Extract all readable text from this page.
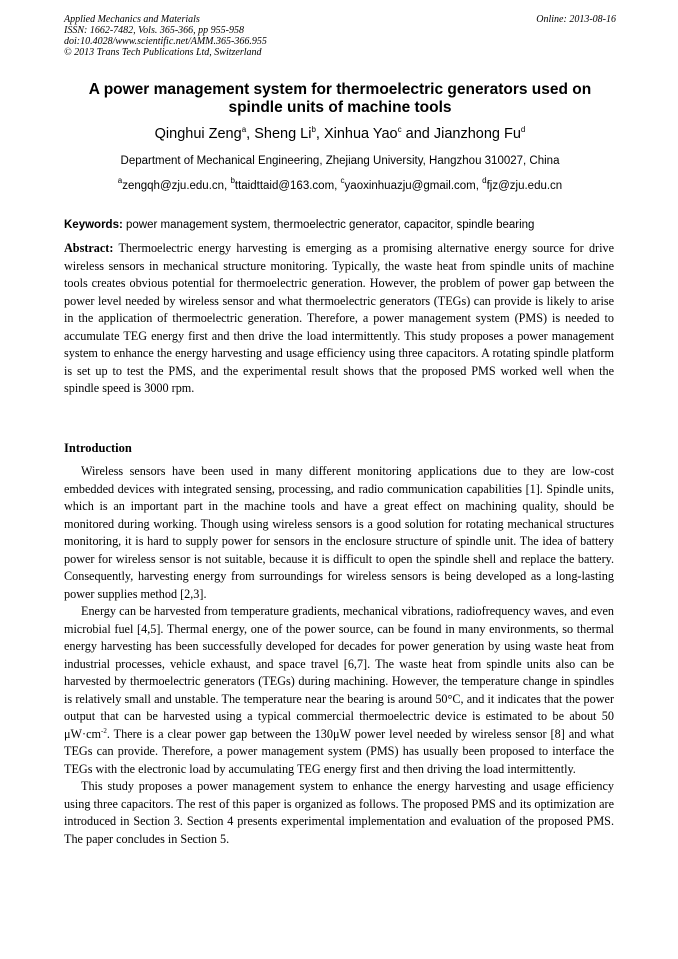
Applied Mechanics and Materials
ISSN: 1662-7482, Vols. 365-366, pp 955-958
doi:10.4028/www.scientific.net/AMM.365-366.955
© 2013 Trans Tech Publications Ltd, Switzerland
Online: 2013-08-16
A power management system for thermoelectric generators used on spindle units of machine tools
Qinghui Zeng$^a$, Sheng Li$^b$, Xinhua Yao$^c$ and Jianzhong Fu$^d$
Department of Mechanical Engineering, Zhejiang University, Hangzhou 310027, China
$^a$zengqh@zju.edu.cn, $^b$ttaidttaid@163.com, $^c$yaoxinhuazju@gmail.com, $^d$fjz@zju.edu.cn
Keywords: power management system, thermoelectric generator, capacitor, spindle bearing
Abstract: Thermoelectric energy harvesting is emerging as a promising alternative energy source for drive wireless sensors in mechanical structure monitoring. Typically, the waste heat from spindle units of machine tools creates obvious potential for thermoelectric generation. However, the problem of power gap between the power level needed by wireless sensor and what thermoelectric generators (TEGs) can provide is likely to arise in the application of thermoelectric generation. Therefore, a power management system (PMS) is needed to accumulate TEG energy first and then drive the load intermittently. This study proposes a power management system to enhance the energy harvesting and usage efficiency using three capacitors. A rotating spindle platform is set up to test the PMS, and the experimental result shows that the proposed PMS worked well when the spindle speed is 3000 rpm.
Introduction

Wireless sensors have been used in many different monitoring applications due to they are low-cost embedded devices with integrated sensing, processing, and radio communication capabilities [1]. Spindle units, which is an important part in the machine tools and have a great effect on machining quality, should be monitored during working. Though using wireless sensors is a good solution for rotating mechanical structures monitoring, it is hard to supply power for sensors in the enclosure structure of spindle unit. The idea of battery power for wireless sensor is not suitable, because it is difficult to open the spindle shell and replace the battery. Consequently, harvesting energy from surroundings for wireless sensors is being developed as a long-lasting power supplies method [2,3].

Energy can be harvested from temperature gradients, mechanical vibrations, radiofrequency waves, and even microbial fuel [4,5]. Thermal energy, one of the power source, can be found in many environments, so thermal energy harvesting has been successfully developed for decades for power generation by using waste heat from industrial processes, vehicle exhaust, and space travel [6,7]. The waste heat from spindle units also can be harvested by thermoelectric generators (TEGs) during machining. However, the temperature change in spindles is relatively small and unstable. The temperature near the bearing is around 50°C, and it indicates that the power output that can be harvested using a typical commercial thermoelectric device is estimated to be about 50 $\mu W\cdot cm^{-2}$. There is a clear power gap between the 130μW power level needed by wireless sensor [8] and what TEGs can provide. Therefore, a power management system (PMS) has usually been proposed to interface the TEGs with the electronic load by accumulating TEG energy first and then driving the load intermittently.

This study proposes a power management system to enhance the energy harvesting and usage efficiency using three capacitors. The rest of this paper is organized as follows. The proposed PMS and its optimization are introduced in Section 3. Section 4 presents experimental implementation and evaluation of the proposed PMS. The paper concludes in Section 5.
